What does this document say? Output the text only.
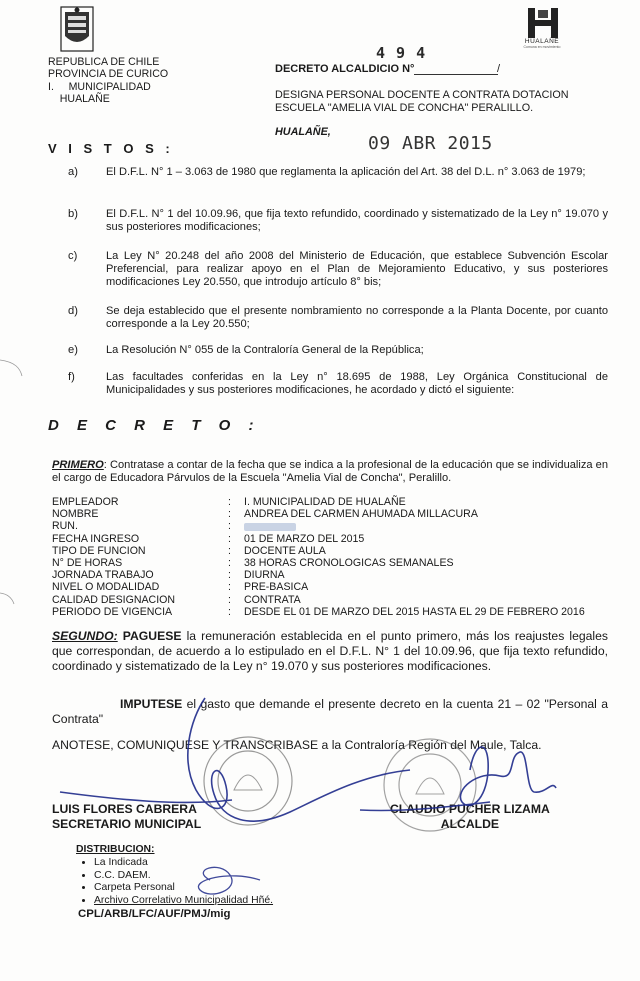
REPUBLICA DE CHILE
PROVINCIA DE CURICO
I.     MUNICIPALIDAD
HUALAÑE
HUALAÑE
Comuna en movimiento
DECRETO ALCALDICIO N°
4 9 4
/
DESIGNA PERSONAL DOCENTE A CONTRATA DOTACION ESCUELA "AMELIA VIAL DE CONCHA" PERALILLO.
HUALAÑE,
09 ABR 2015
V I S T O S :
a)	El D.F.L. N° 1 – 3.063 de 1980 que reglamenta la aplicación del Art. 38 del D.L. n° 3.063 de 1979;
b)	El D.F.L. N° 1 del 10.09.96, que fija texto refundido, coordinado y sistematizado de la Ley n° 19.070 y sus posteriores modificaciones;
c)	La Ley N° 20.248 del año 2008 del Ministerio de Educación, que establece Subvención Escolar Preferencial, para realizar apoyo en el Plan de Mejoramiento Educativo, y sus posteriores modificaciones Ley 20.550, que introdujo artículo 8° bis;
d)	Se deja establecido que el presente nombramiento no corresponde a la Planta Docente, por cuanto corresponde a la Ley 20.550;
e)	La Resolución N° 055 de la Contraloría General de la República;
f)	Las facultades conferidas en la Ley n° 18.695 de 1988, Ley Orgánica Constitucional de Municipalidades y sus posteriores modificaciones, he acordado y dictó el siguiente:
D E C R E T O :
PRIMERO: Contratase a contar de la fecha que se indica a la profesional de la educación que se individualiza en el cargo de Educadora Párvulos de la Escuela "Amelia Vial de Concha", Peralillo.
EMPLEADOR	:	I. MUNICIPALIDAD DE HUALAÑE
NOMBRE	:	ANDREA DEL CARMEN AHUMADA MILLACURA
RUN.	:
FECHA INGRESO	:	01 DE MARZO DEL 2015
TIPO DE FUNCION	:	DOCENTE AULA
N° DE HORAS	:	38 HORAS CRONOLOGICAS SEMANALES
JORNADA TRABAJO	:	DIURNA
NIVEL O MODALIDAD	:	PRE-BASICA
CALIDAD DESIGNACION	:	CONTRATA
PERIODO DE VIGENCIA	:	DESDE EL 01 DE MARZO DEL 2015 HASTA EL 29 DE FEBRERO 2016
SEGUNDO: PAGUESE la remuneración establecida en el punto primero, más los reajustes legales que correspondan, de acuerdo a lo estipulado en el D.F.L. N° 1 del 10.09.96, que fija texto refundido, coordinado y sistematizado de la Ley n° 19.070 y sus posteriores modificaciones.
IMPUTESE el gasto que demande el presente decreto en la cuenta 21 – 02 "Personal a Contrata"
ANOTESE, COMUNIQUESE Y TRANSCRIBASE a la Contraloría Región del Maule, Talca.
LUIS FLORES CABRERA
SECRETARIO MUNICIPAL
CLAUDIO PUCHER LIZAMA
ALCALDE
DISTRIBUCION:
• La Indicada
• C.C. DAEM.
• Carpeta Personal
• Archivo Correlativo Municipalidad Hñé.
CPL/ARB/LFC/AUF/PMJ/mig
